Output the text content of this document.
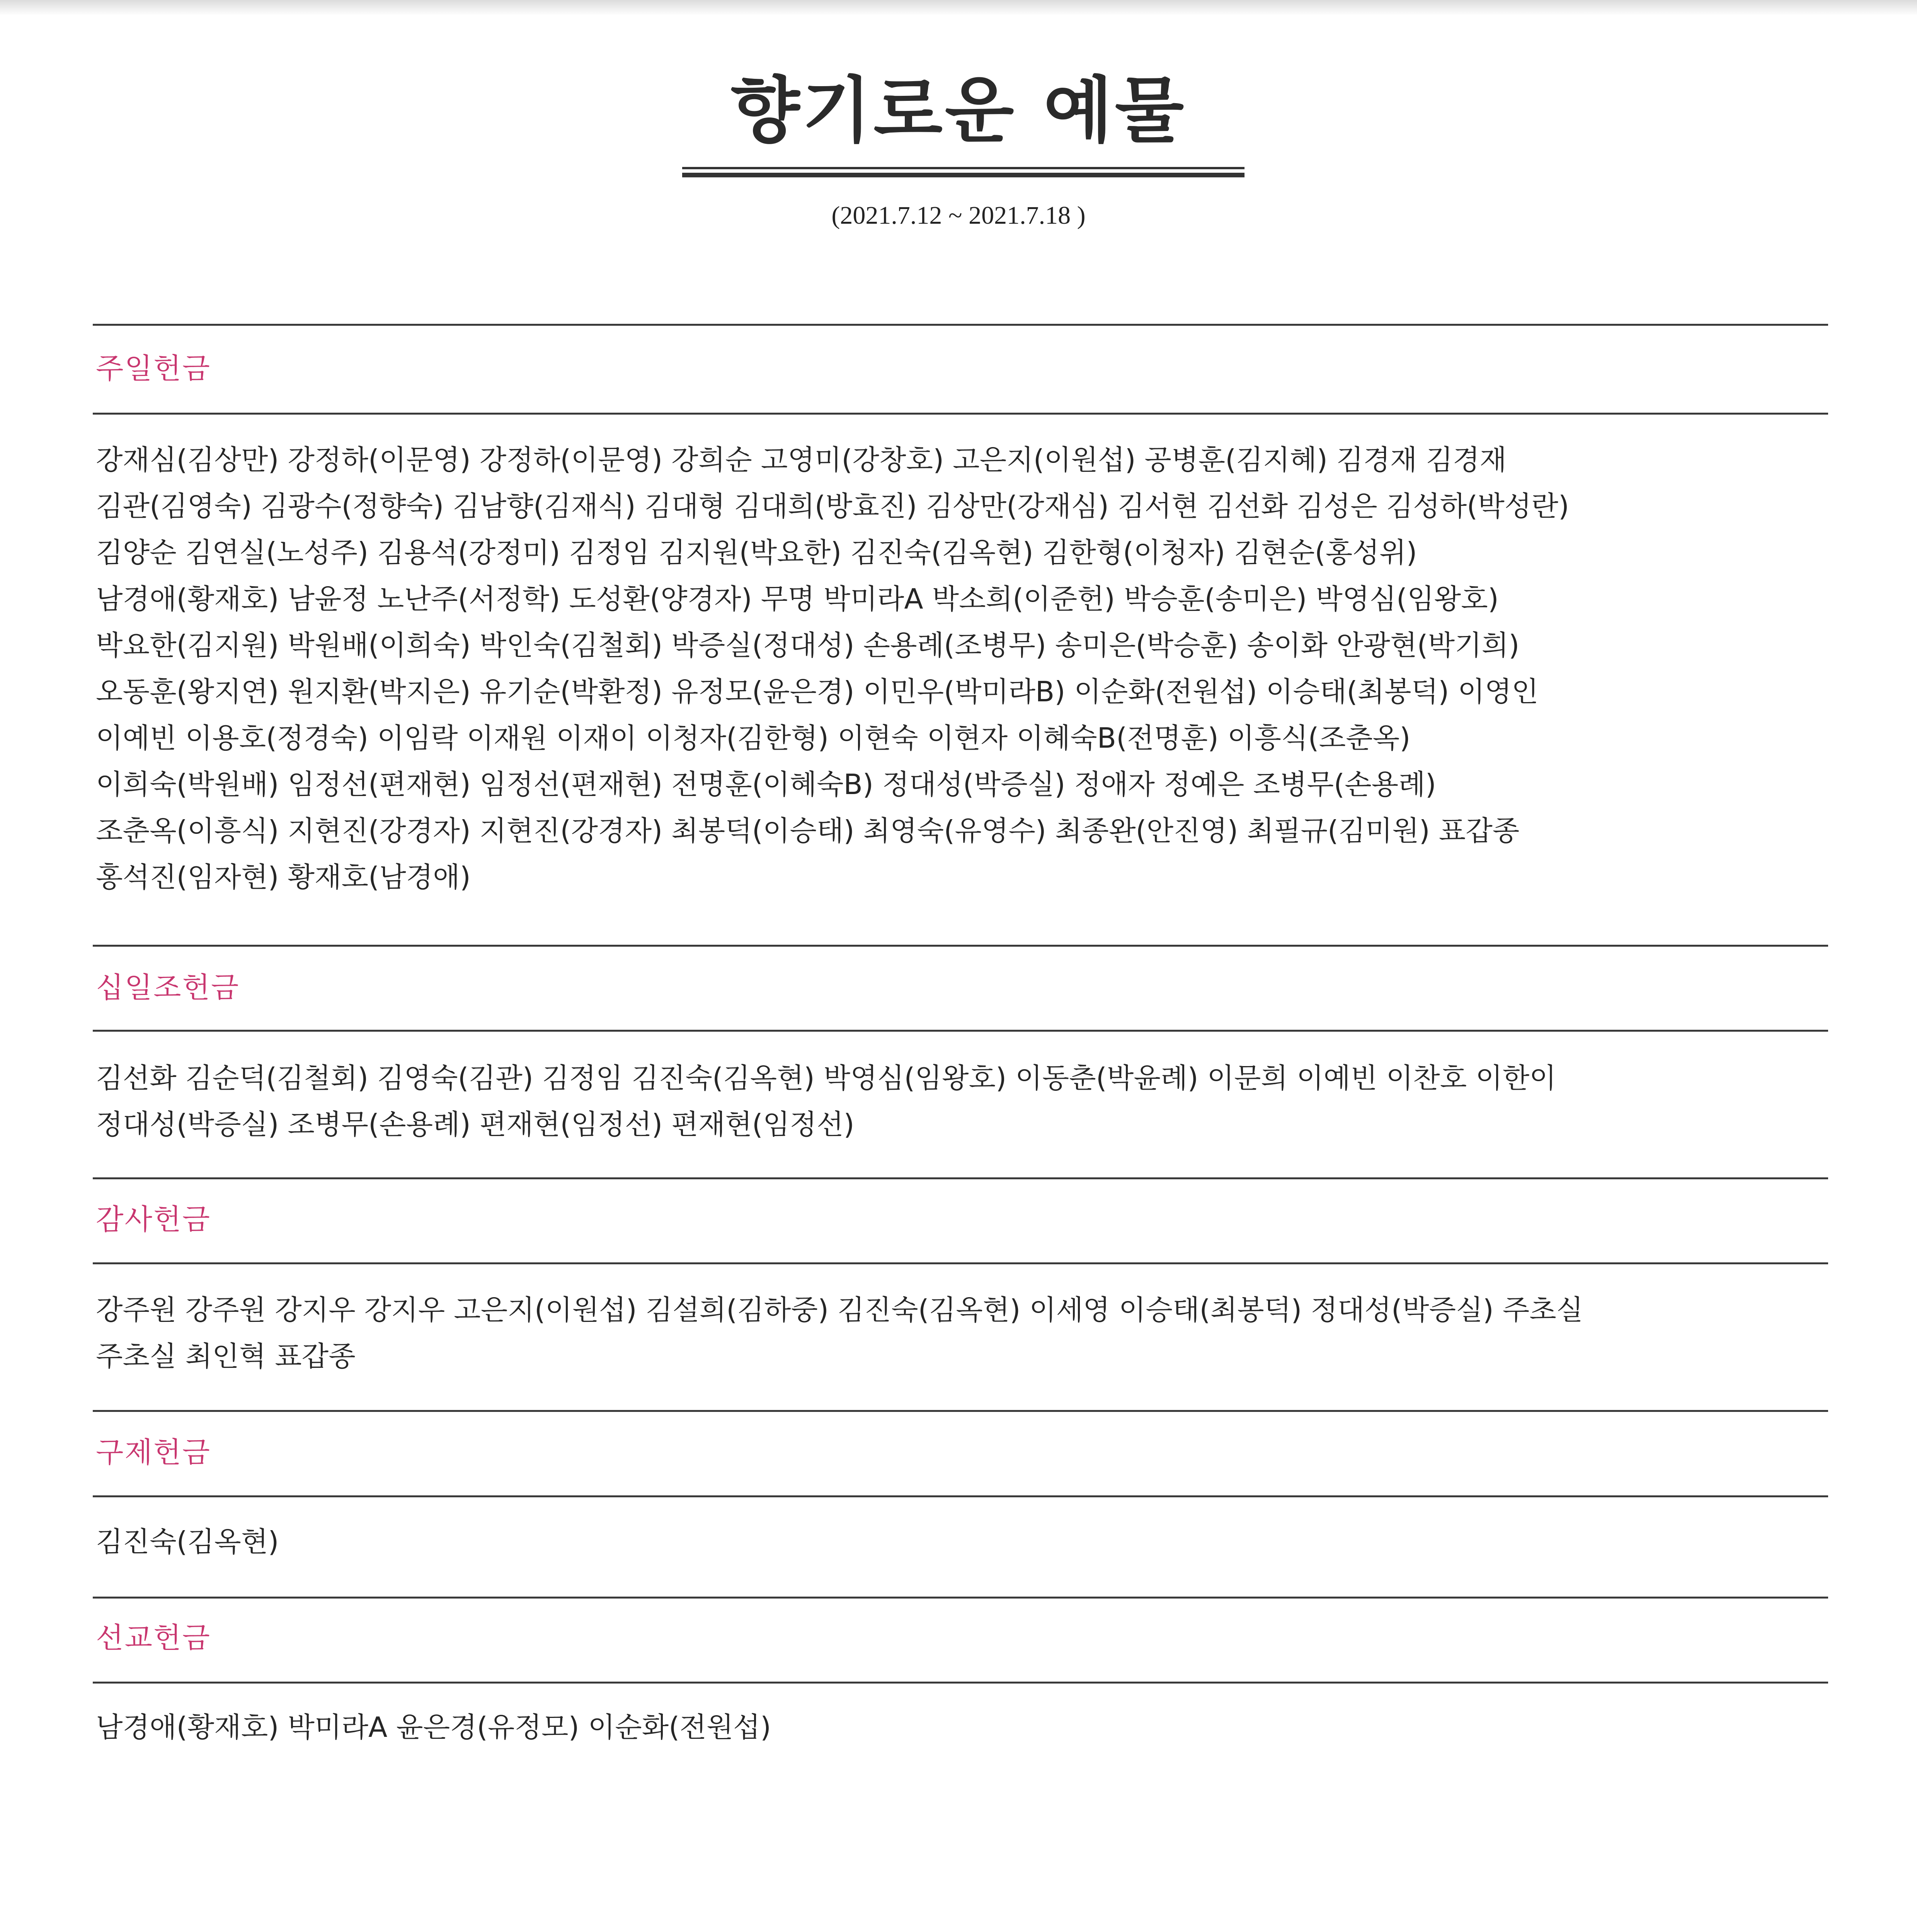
향기로운 예물
(2021.7.12 ~ 2021.7.18 )
주일헌금
강재심(김상만) 강정하(이문영) 강정하(이문영) 강희순 고영미(강창호) 고은지(이원섭) 공병훈(김지혜) 김경재 김경재
김관(김영숙) 김광수(정향숙) 김남향(김재식) 김대형 김대희(방효진) 김상만(강재심) 김서현 김선화 김성은 김성하(박성란)
김양순 김연실(노성주) 김용석(강정미) 김정임 김지원(박요한) 김진숙(김옥현) 김한형(이청자) 김현순(홍성위)
남경애(황재호) 남윤정 노난주(서정학) 도성환(양경자) 무명 박미라A 박소희(이준헌) 박승훈(송미은) 박영심(임왕호)
박요한(김지원) 박원배(이희숙) 박인숙(김철회) 박증실(정대성) 손용례(조병무) 송미은(박승훈) 송이화 안광현(박기희)
오동훈(왕지연) 원지환(박지은) 유기순(박환정) 유정모(윤은경) 이민우(박미라B) 이순화(전원섭) 이승태(최봉덕) 이영인
이예빈 이용호(정경숙) 이임락 이재원 이재이 이청자(김한형) 이현숙 이현자 이혜숙B(전명훈) 이흥식(조춘옥)
이희숙(박원배) 임정선(편재현) 임정선(편재현) 전명훈(이혜숙B) 정대성(박증실) 정애자 정예은 조병무(손용례)
조춘옥(이흥식) 지현진(강경자) 지현진(강경자) 최봉덕(이승태) 최영숙(유영수) 최종완(안진영) 최필규(김미원) 표갑종
홍석진(임자현) 황재호(남경애)
십일조헌금
김선화 김순덕(김철회) 김영숙(김관) 김정임 김진숙(김옥현) 박영심(임왕호) 이동춘(박윤례) 이문희 이예빈 이찬호 이한이
정대성(박증실) 조병무(손용례) 편재현(임정선) 편재현(임정선)
감사헌금
강주원 강주원 강지우 강지우 고은지(이원섭) 김설희(김하중) 김진숙(김옥현) 이세영 이승태(최봉덕) 정대성(박증실) 주초실
주초실 최인혁 표갑종
구제헌금
김진숙(김옥현)
선교헌금
남경애(황재호) 박미라A 윤은경(유정모) 이순화(전원섭)
